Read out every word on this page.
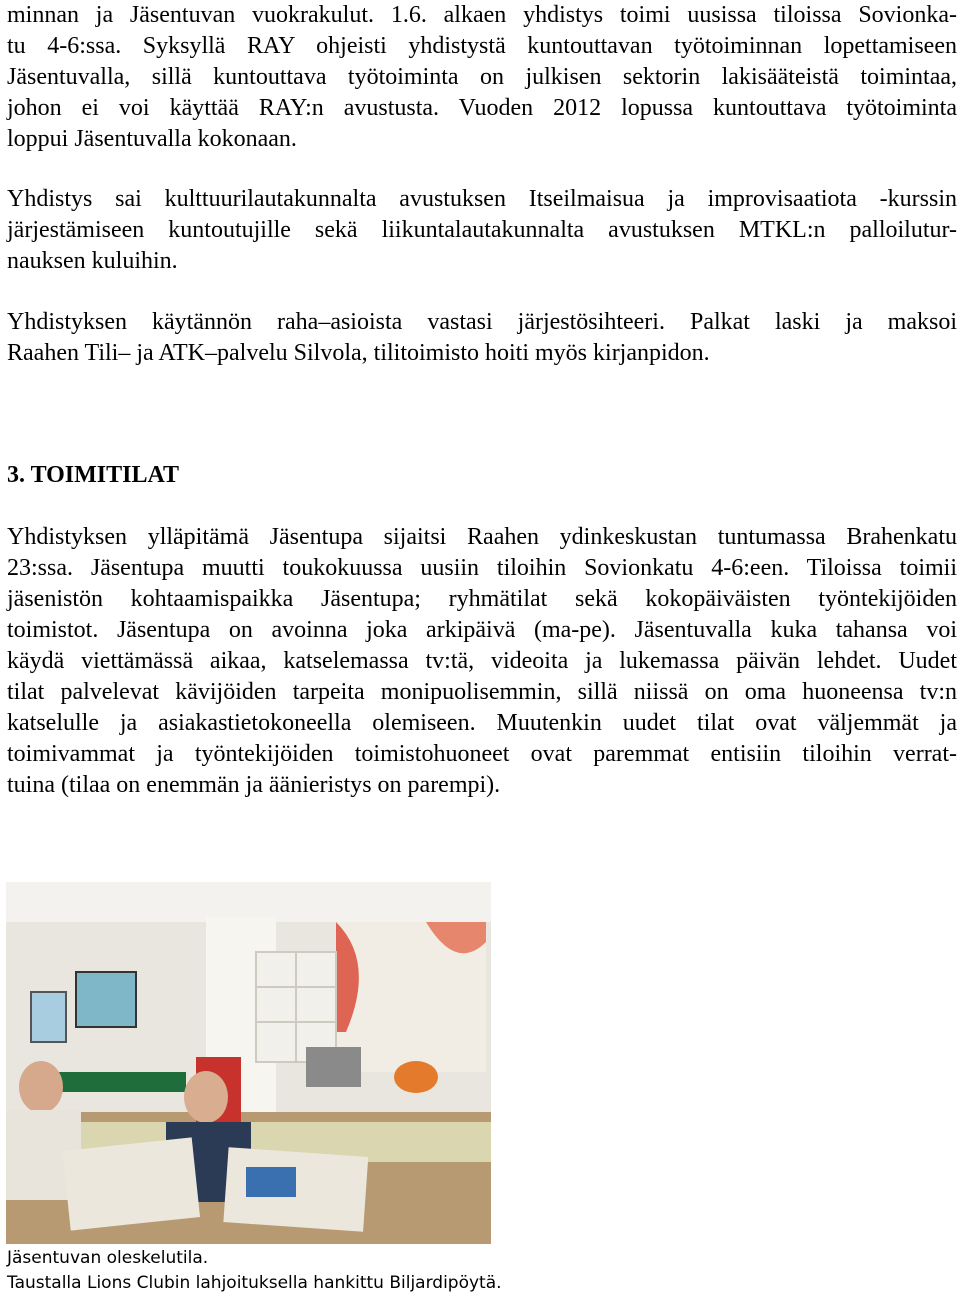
minnan ja Jäsentuvan vuokrakulut. 1.6. alkaen yhdistys toimi uusissa tiloissa Sovionka-
tu 4-6:ssa. Syksyllä RAY ohjeisti yhdistystä kuntouttavan työtoiminnan lopettamiseen
Jäsentuvalla, sillä kuntouttava työtoiminta on julkisen sektorin lakisääteistä toimintaa,
johon ei voi käyttää RAY:n avustusta. Vuoden 2012 lopussa kuntouttava työtoiminta
loppui Jäsentuvalla kokonaan.
Yhdistys sai kulttuurilautakunnalta avustuksen Itseilmaisua ja improvisaatiota -kurssin
järjestämiseen kuntoutujille sekä liikuntalautakunnalta avustuksen MTKL:n palloilutur-
nauksen kuluihin.
Yhdistyksen käytännön raha–asioista vastasi järjestösihteeri. Palkat laski ja maksoi
Raahen Tili– ja ATK–palvelu Silvola, tilitoimisto hoiti myös kirjanpidon.
3. TOIMITILAT
Yhdistyksen ylläpitämä Jäsentupa sijaitsi Raahen ydinkeskustan tuntumassa Brahenkatu
23:ssa. Jäsentupa muutti toukokuussa uusiin tiloihin Sovionkatu 4-6:een. Tiloissa toimii
jäsenistön kohtaamispaikka Jäsentupa; ryhmätilat sekä kokopäiväisten työntekijöiden
toimistot. Jäsentupa on avoinna joka arkipäivä (ma-pe). Jäsentuvalla kuka tahansa voi
käydä viettämässä aikaa, katselemassa tv:tä, videoita ja lukemassa päivän lehdet. Uudet
tilat palvelevat kävijöiden tarpeita monipuolisemmin, sillä niissä on oma huoneensa tv:n
katselulle ja asiakastietokoneella olemiseen. Muutenkin uudet tilat ovat väljemmät ja
toimivammat ja työntekijöiden toimistohuoneet ovat paremmat entisiin tiloihin verrat-
tuina (tilaa on enemmän ja äänieristys on parempi).
Jäsentuvan oleskelutila.
Taustalla Lions Clubin lahjoituksella hankittu Biljardipöytä.
